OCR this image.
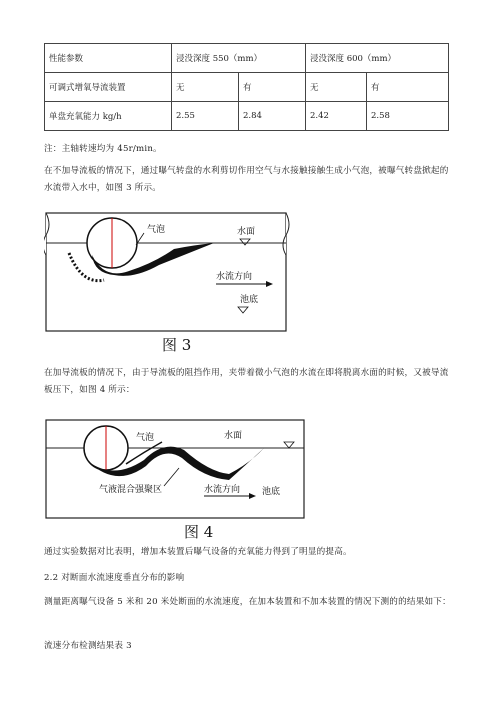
性能参数	浸没深度 550（mm）		浸没深度 600（mm）	
可调式增氧导流装置	无	有	无	有
单盘充氧能力 kg/h	2.55	2.84	2.42	2.58
注：主轴转速均为 45r/min。
在不加导流板的情况下，通过曝气转盘的水利剪切作用空气与水接触接触生成小气泡，被曝气转盘掀起的水流带入水中，如图 3 所示。
气泡	水面
水流方向
池底
图 3
在加导流板的情况下，由于导流板的阻挡作用，夹带着微小气泡的水流在即将脱离水面的时候，又被导流板压下，如图 4 所示：
气泡	水面
气液混合强聚区	水流方向 池底
图 4
通过实验数据对比表明，增加本装置后曝气设备的充氧能力得到了明显的提高。
2.2 对断面水流速度垂直分布的影响
测量距离曝气设备 5 米和 20 米处断面的水流速度，在加本装置和不加本装置的情况下测的的结果如下：
流速分布检测结果表 3
